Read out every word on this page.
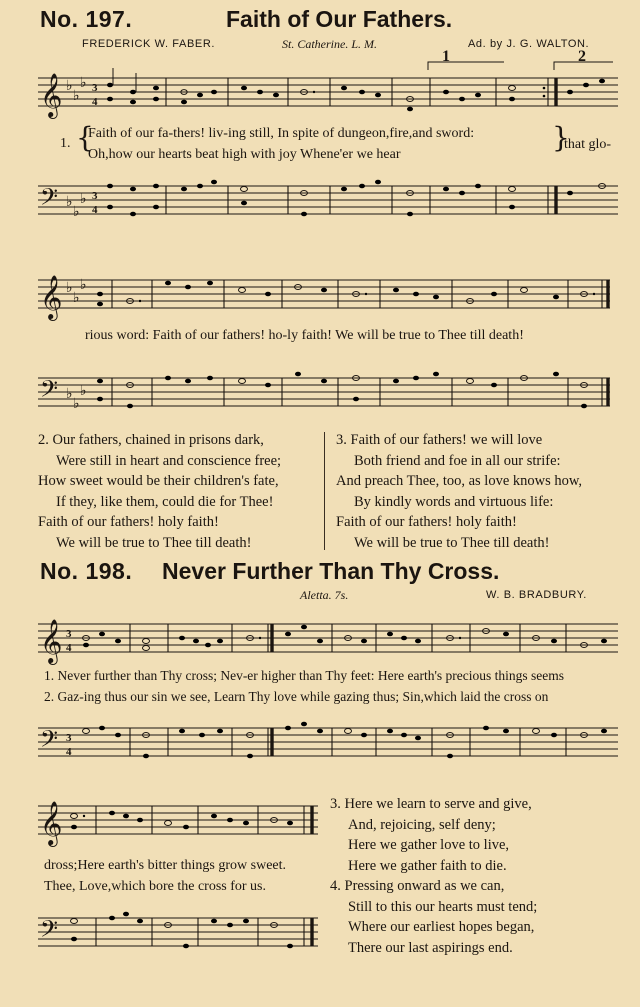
No. 197.	Faith of Our Fathers.
FREDERICK W. FABER.	St. Catherine. L. M.	Ad. by J. G. WALTON.
𝄞 ♭
♭
♭ 3
4
1	2
1. {
Faith of our fa-thers! liv-ing still, In spite of dungeon,fire,and sword:
Oh,how our hearts beat high with joy Whene'er we hear
}
that glo-
𝄢 ♭
♭
♭ 3
4
𝄞 ♭
♭
♭
rious word: Faith of our fathers! ho-ly faith! We will be true to Thee till death!
𝄢 ♭
♭
♭
2. Our fathers, chained in prisons dark,
Were still in heart and conscience free;
How sweet would be their children's fate,
If they, like them, could die for Thee!
Faith of our fathers! holy faith!
We will be true to Thee till death!
3. Faith of our fathers! we will love
Both friend and foe in all our strife:
And preach Thee, too, as love knows how,
By kindly words and virtuous life:
Faith of our fathers! holy faith!
We will be true to Thee till death!
No. 198. Never Further Than Thy Cross.
Aletta. 7s.	W. B. BRADBURY.
𝄞 3
4
1. Never further than Thy cross; Nev-er higher than Thy feet: Here earth's precious things seems
2. Gaz-ing thus our sin we see, Learn Thy love while gazing thus; Sin,which laid the cross on
𝄢 3
4
𝄞
dross;Here earth's bitter things grow sweet.
Thee, Love,which bore the cross for us.
𝄢
3. Here we learn to serve and give,
And, rejoicing, self deny;
Here we gather love to live,
Here we gather faith to die.
4. Pressing onward as we can,
Still to this our hearts must tend;
Where our earliest hopes began,
There our last aspirings end.
